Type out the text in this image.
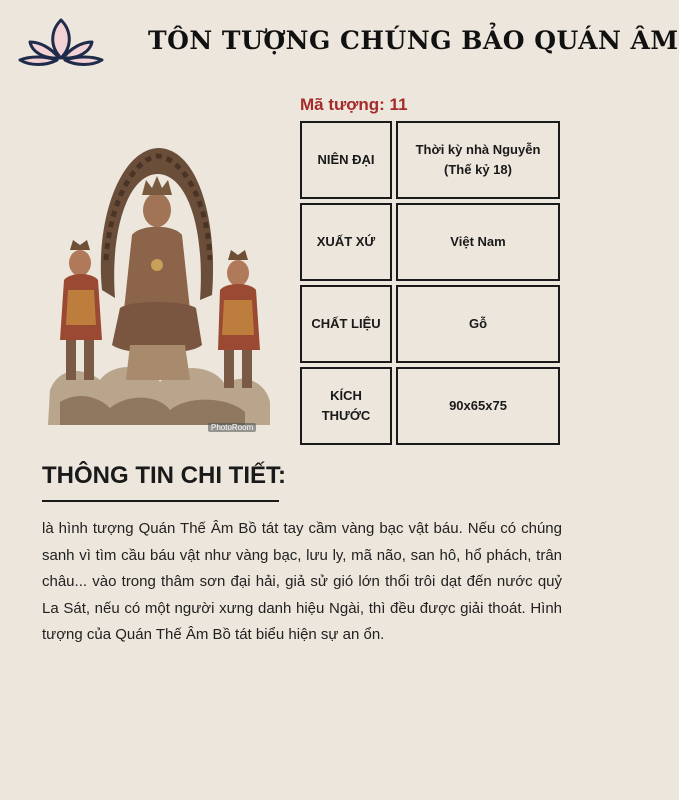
TÔN TƯỢNG CHÚNG BẢO QUÁN ÂM
Mã tượng: 11
PhotoRoom
NIÊN ĐẠI	Thời kỳ nhà Nguyễn
(Thế kỷ 18)

XUẤT XỨ	Việt Nam
CHẤT LIỆU	Gỗ
KÍCH THƯỚC	90x65x75
THÔNG TIN CHI TIẾT:
là hình tượng Quán Thế Âm Bồ tát tay cầm vàng bạc vật báu. Nếu có chúng sanh vì tìm cầu báu vật như vàng bạc, lưu ly, mã não, san hô, hổ phách, trân châu... vào trong thâm sơn đại hải, giả sử gió lớn thổi trôi dạt đến nước quỷ La Sát, nếu có một người xưng danh hiệu Ngài, thì đều được giải thoát. Hình tượng của Quán Thế Âm Bồ tát biểu hiện sự an ổn.
